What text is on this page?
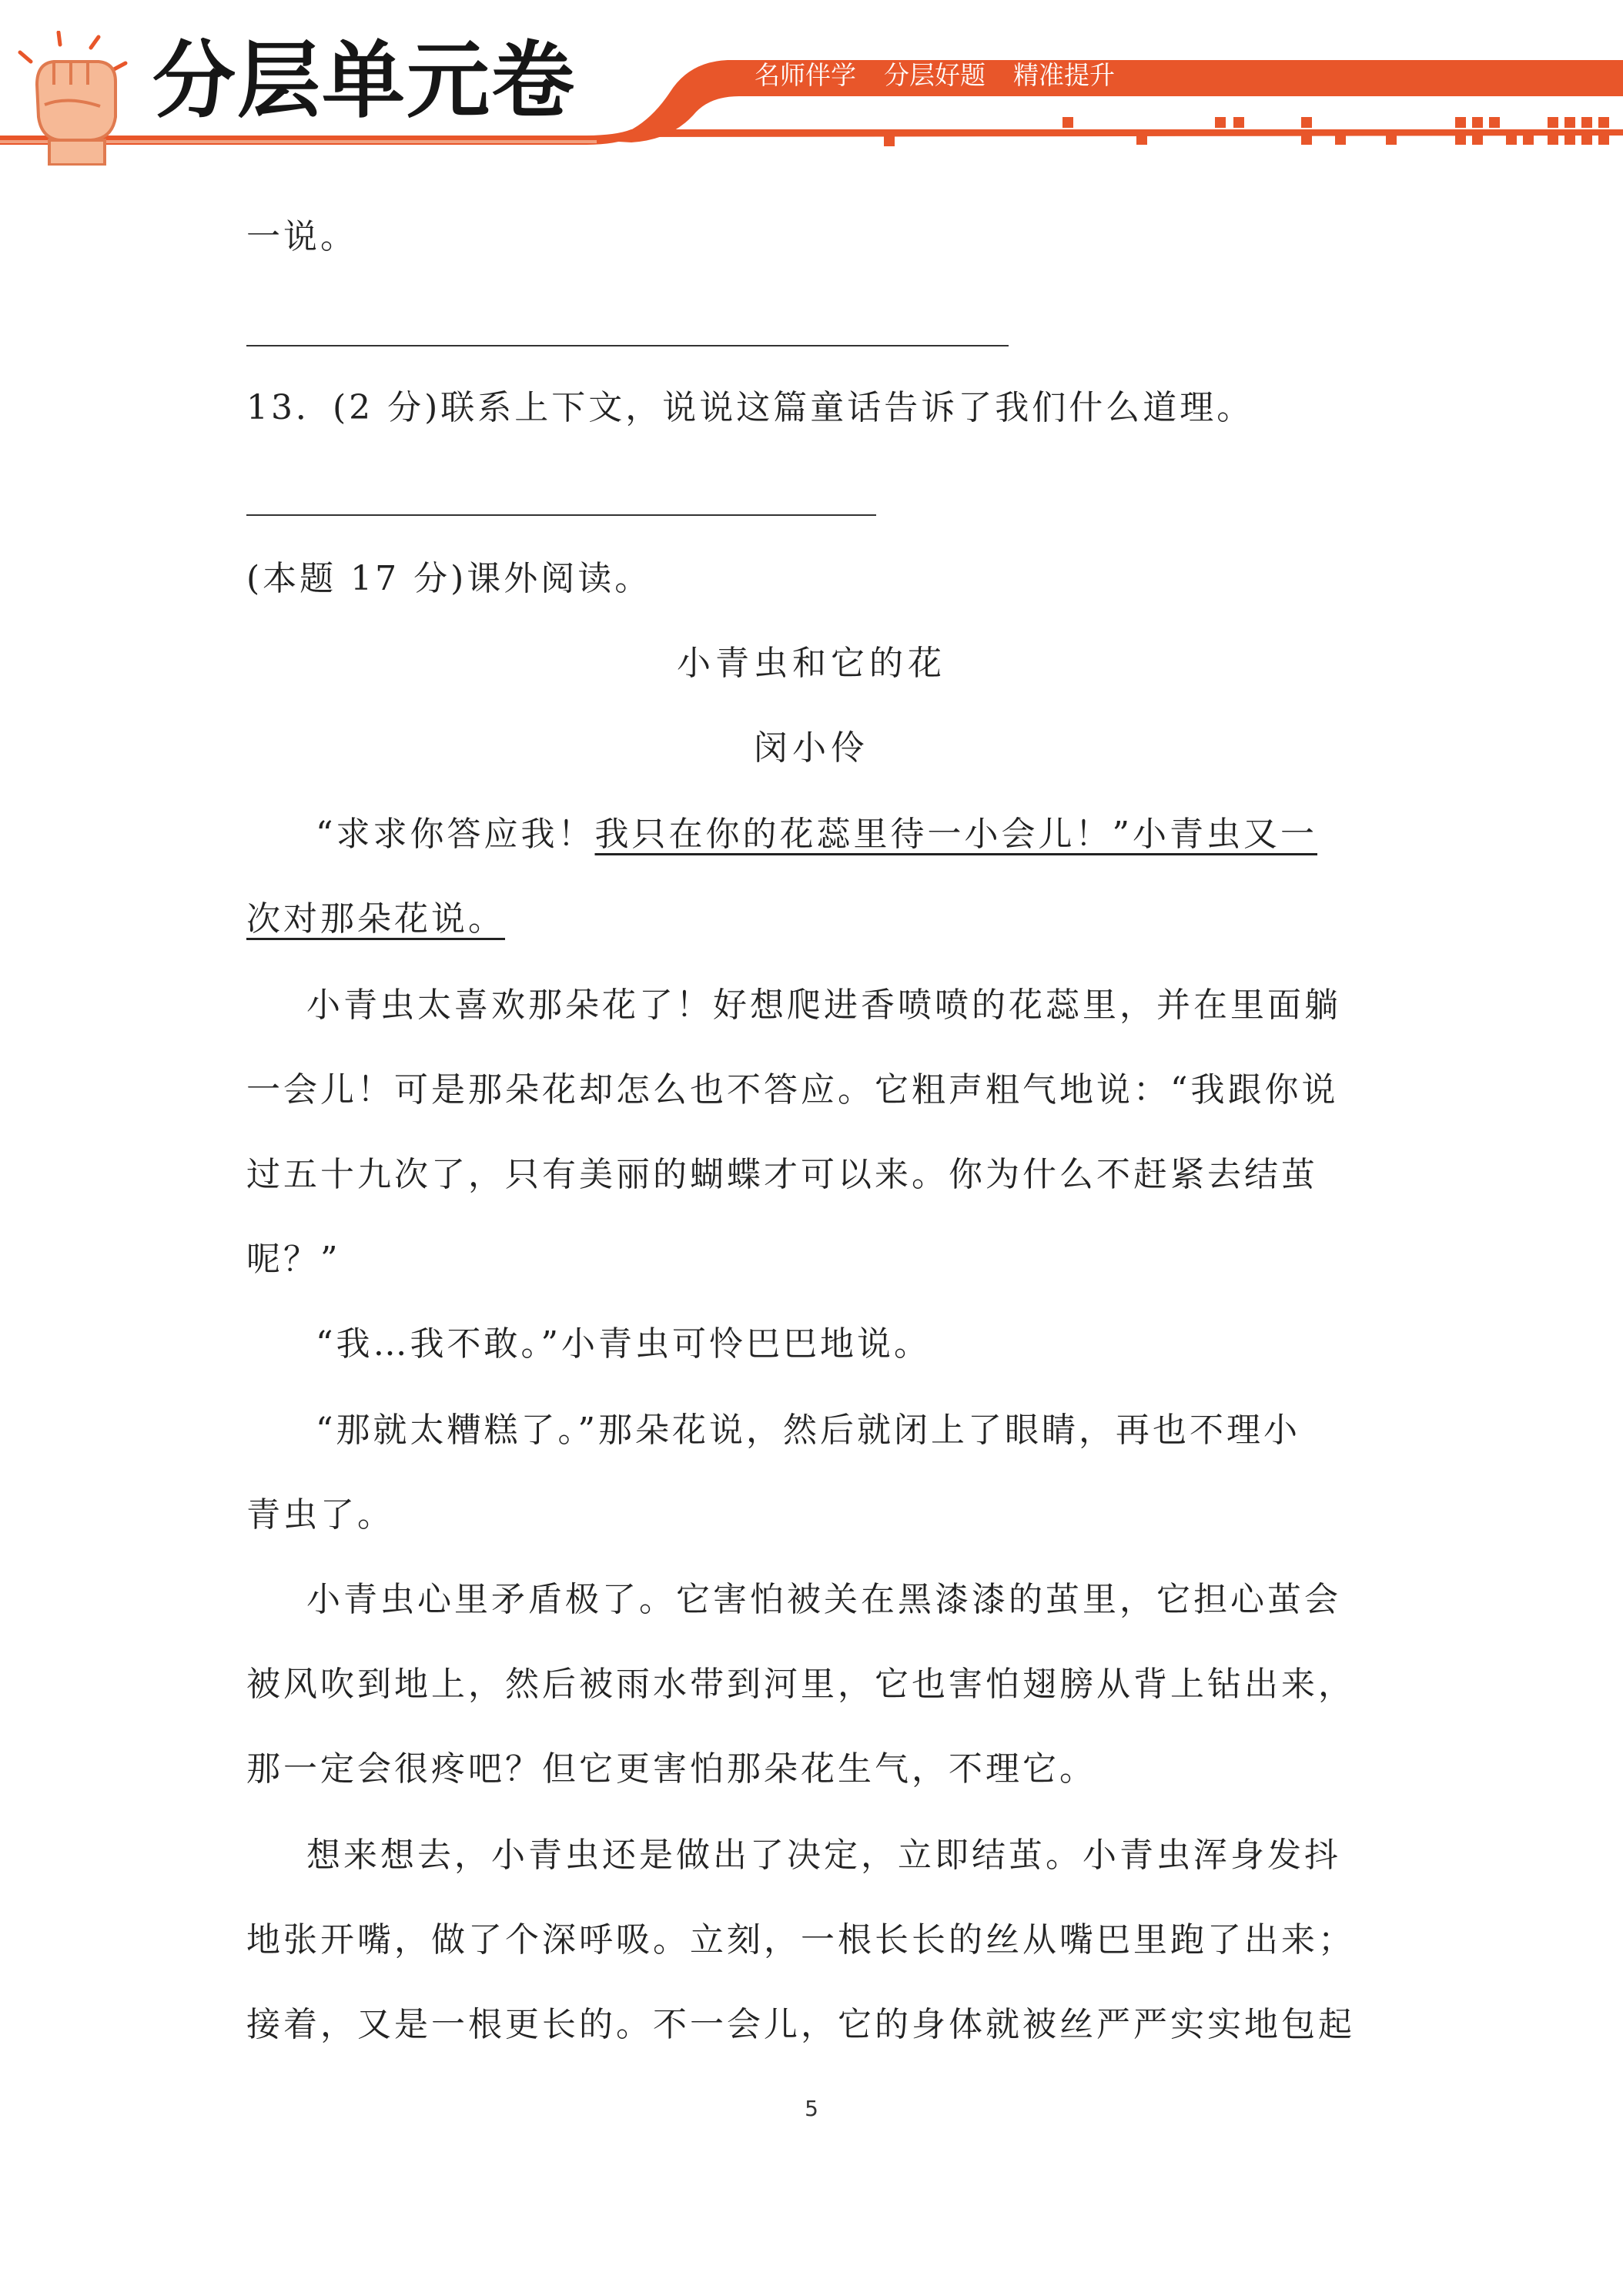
分层单元卷	名师伴学 分层好题 精准提升
一说。
13．(2 分)联系上下文，说说这篇童话告诉了我们什么道理。
(本题 17 分)课外阅读。
小青虫和它的花
闵小伶
“求求你答应我！我只在你的花蕊里待一小会儿！”小青虫又一
次对那朵花说。
小青虫太喜欢那朵花了！好想爬进香喷喷的花蕊里，并在里面躺
一会儿！可是那朵花却怎么也不答应。它粗声粗气地说：“我跟你说
过五十九次了，只有美丽的蝴蝶才可以来。你为什么不赶紧去结茧
呢？”
“我…我不敢。”小青虫可怜巴巴地说。
“那就太糟糕了。”那朵花说，然后就闭上了眼睛，再也不理小
青虫了。
小青虫心里矛盾极了。它害怕被关在黑漆漆的茧里，它担心茧会
被风吹到地上，然后被雨水带到河里，它也害怕翅膀从背上钻出来，
那一定会很疼吧？但它更害怕那朵花生气，不理它。
想来想去，小青虫还是做出了决定，立即结茧。小青虫浑身发抖
地张开嘴，做了个深呼吸。立刻，一根长长的丝从嘴巴里跑了出来；
接着，又是一根更长的。不一会儿，它的身体就被丝严严实实地包起
5
